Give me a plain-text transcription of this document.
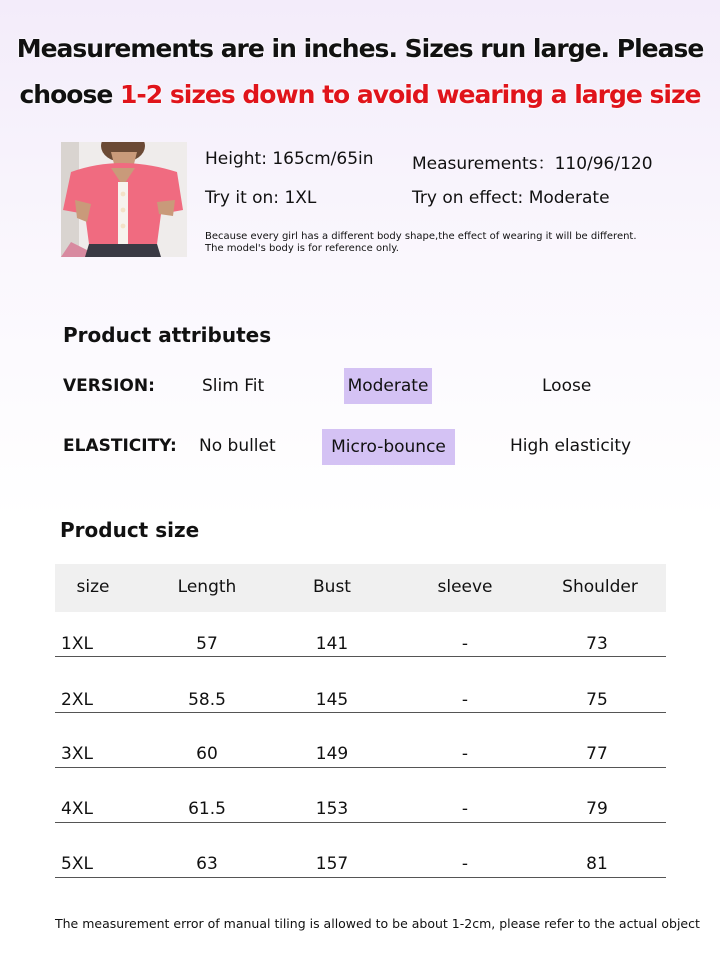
Measurements are in inches. Sizes run large. Please
choose 1-2 sizes down to avoid wearing a large size
Height: 165cm/65in Measurements：110/96/120
Try it on: 1XL	Try on effect: Moderate
Because every girl has a different body shape,the effect of wearing it will be different.
The model's body is for reference only.
Product attributes
VERSION:	Slim Fit	Moderate	Loose
ELASTICITY: No bullet	Micro-bounce	High elasticity
Product size
size	Length	Bust	sleeve	Shoulder
1XL	57	141	-	73
2XL	58.5	145	-	75
3XL	60	149	-	77
4XL	61.5	153	-	79
5XL	63	157	-	81
The measurement error of manual tiling is allowed to be about 1-2cm, please refer to the actual object
